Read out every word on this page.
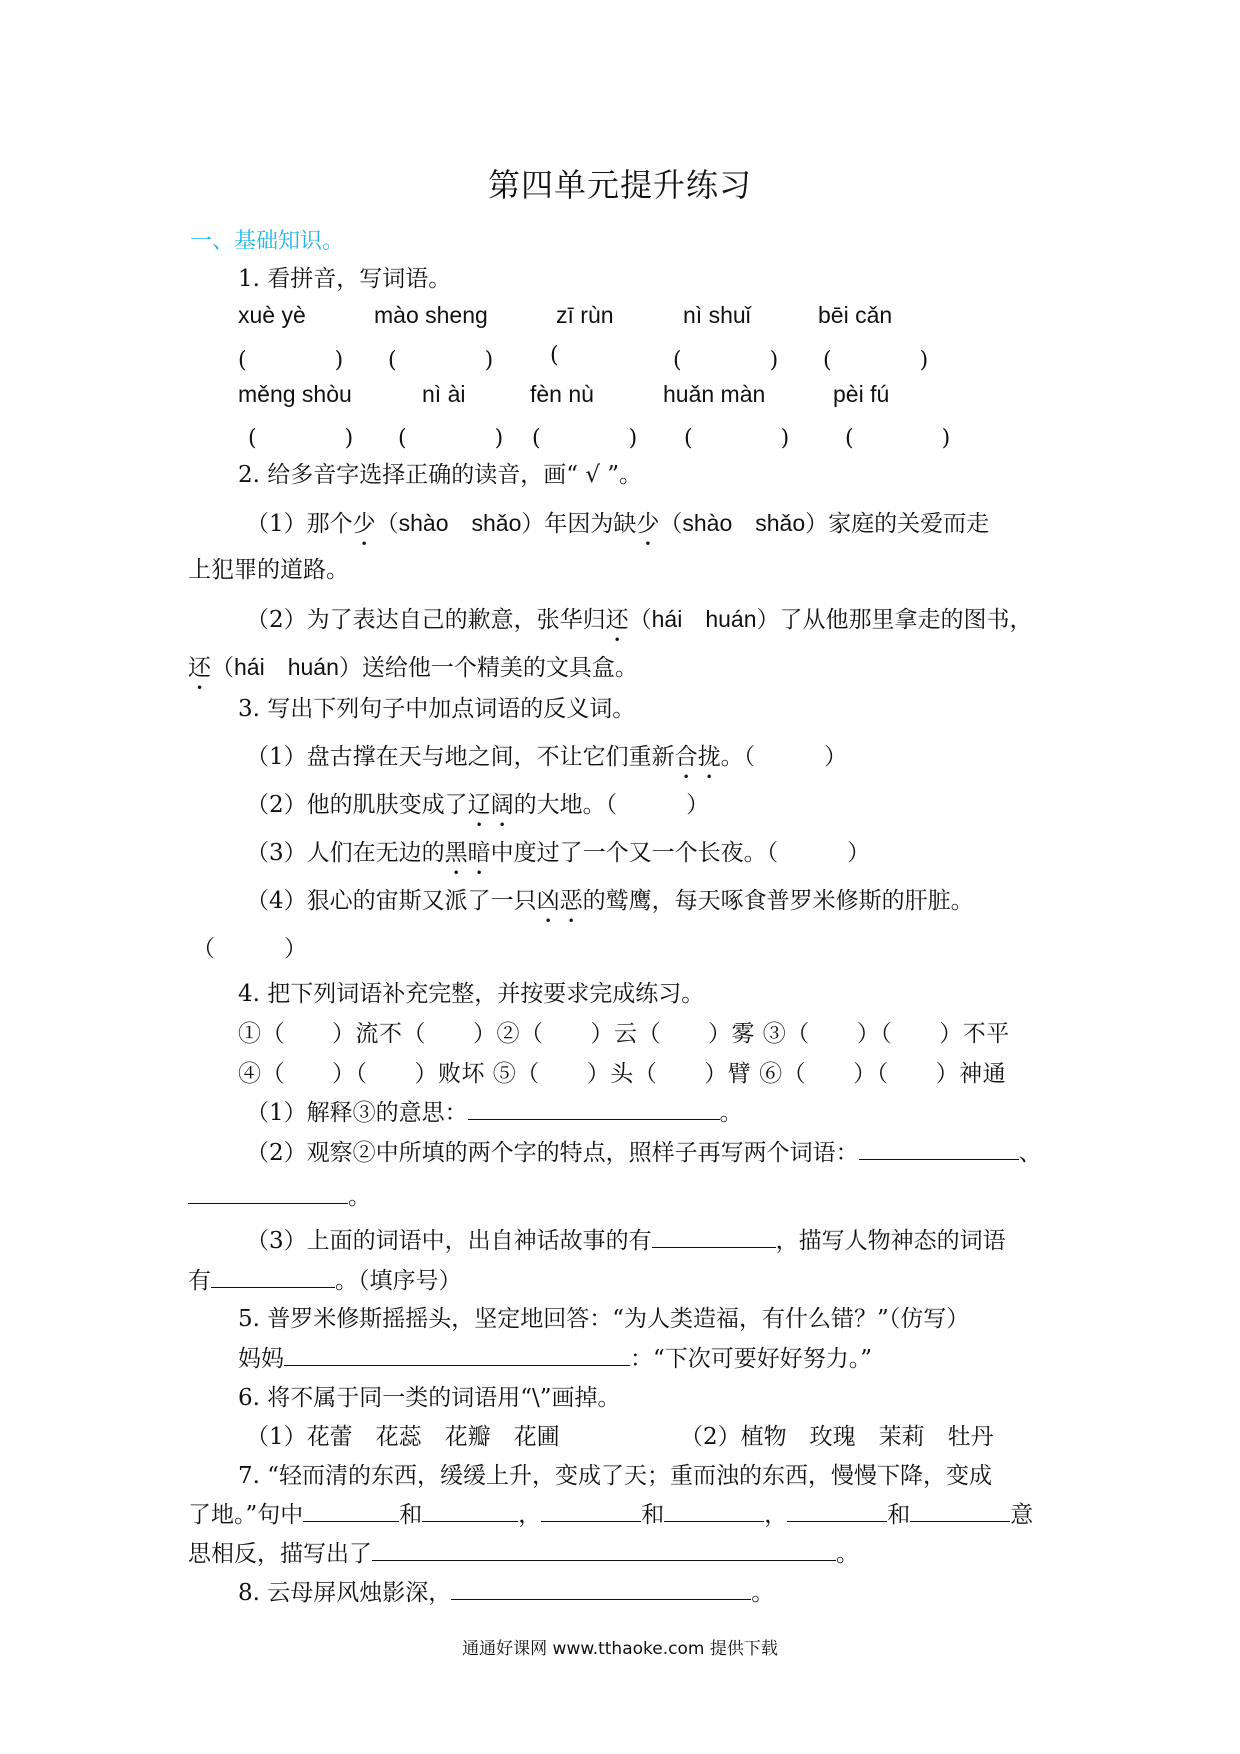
第四单元提升练习
一、基础知识。
1. 看拼音，写词语。
xuè yè	mào sheng	zī rùn	nì shuǐ	bēi cǎn
(　　　　) (　　　　)	(	(　　　　) (　　　　)
měng shòu	nì ài	fèn nù	huǎn màn	pèi fú
(　　　　) (　　　　) (　　　　) (　　　　)	(　　　　)
2. 给多音字选择正确的读音，画“ √ ”。
（1）那个少（shào　shǎo）年因为缺少（shào　shǎo）家庭的关爱而走
上犯罪的道路。
（2）为了表达自己的歉意，张华归还（hái　huán）了从他那里拿走的图书，
还（hái　huán）送给他一个精美的文具盒。
3. 写出下列句子中加点词语的反义词。
（1）盘古撑在天与地之间，不让它们重新合拢。（　　　）
（2）他的肌肤变成了辽阔的大地。（　　　）
（3）人们在无边的黑暗中度过了一个又一个长夜。（　　　）
（4）狠心的宙斯又派了一只凶恶的鹫鹰，每天啄食普罗米修斯的肝脏。
（　　　）
4. 把下列词语补充完整，并按要求完成练习。
①（　　）流不（　　）②（　　）云（　　）雾 ③（　　）（　　）不平
④（　　）（　　）败坏 ⑤（　　）头（　　）臂 ⑥（　　）（　　）神通
（1）解释③的意思：	。
（2）观察②中所填的两个字的特点，照样子再写两个词语：	、
。
（3）上面的词语中，出自神话故事的有	，描写人物神态的词语
有	。（填序号）
5. 普罗米修斯摇摇头，坚定地回答：“为人类造福，有什么错？”（仿写）
妈妈	：“下次可要好好努力。”
6. 将不属于同一类的词语用“\”画掉。
（1）花蕾　花蕊　花瓣　花圃	（2）植物　玫瑰　茉莉　牡丹
7. “轻而清的东西，缓缓上升，变成了天；重而浊的东西，慢慢下降，变成
了地。”句中	和	，	和	，	和	意
思相反，描写出了	。
8. 云母屏风烛影深，	。
通通好课网 www.tthaoke.com 提供下载
